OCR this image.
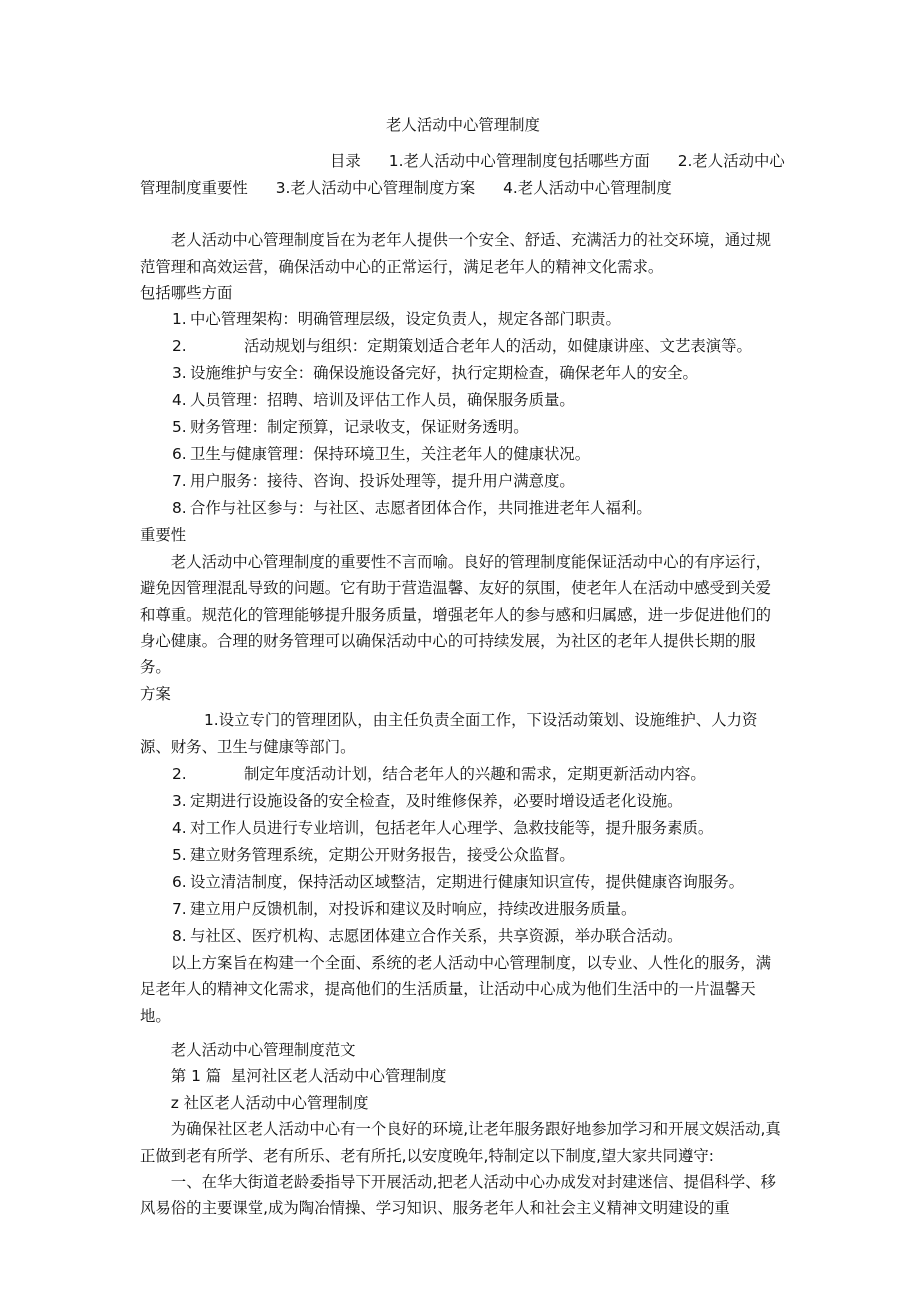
老人活动中心管理制度
目录 1.老人活动中心管理制度包括哪些方面 2.老人活动中心管理制度重要性 3.老人活动中心管理制度方案 4.老人活动中心管理制度

老人活动中心管理制度旨在为老年人提供一个安全、舒适、充满活力的社交环境，通过规范管理和高效运营，确保活动中心的正常运行，满足老年人的精神文化需求。

包括哪些方面

1. 中心管理架构：明确管理层级，设定负责人，规定各部门职责。
2.	活动规划与组织：定期策划适合老年人的活动，如健康讲座、文艺表演等。
3. 设施维护与安全：确保设施设备完好，执行定期检查，确保老年人的安全。
4. 人员管理：招聘、培训及评估工作人员，确保服务质量。
5. 财务管理：制定预算，记录收支，保证财务透明。
6. 卫生与健康管理：保持环境卫生，关注老年人的健康状况。
7. 用户服务：接待、咨询、投诉处理等，提升用户满意度。
8. 合作与社区参与：与社区、志愿者团体合作，共同推进老年人福利。

重要性

老人活动中心管理制度的重要性不言而喻。良好的管理制度能保证活动中心的有序运行，避免因管理混乱导致的问题。它有助于营造温馨、友好的氛围，使老年人在活动中感受到关爱和尊重。规范化的管理能够提升服务质量，增强老年人的参与感和归属感，进一步促进他们的身心健康。合理的财务管理可以确保活动中心的可持续发展，为社区的老年人提供长期的服务。

方案

1.设立专门的管理团队，由主任负责全面工作，下设活动策划、设施维护、人力资源、财务、卫生与健康等部门。
2.	制定年度活动计划，结合老年人的兴趣和需求，定期更新活动内容。
3. 定期进行设施设备的安全检查，及时维修保养，必要时增设适老化设施。
4. 对工作人员进行专业培训，包括老年人心理学、急救技能等，提升服务素质。
5. 建立财务管理系统，定期公开财务报告，接受公众监督。
6. 设立清洁制度，保持活动区域整洁，定期进行健康知识宣传，提供健康咨询服务。
7. 建立用户反馈机制，对投诉和建议及时响应，持续改进服务质量。
8. 与社区、医疗机构、志愿团体建立合作关系，共享资源，举办联合活动。

以上方案旨在构建一个全面、系统的老人活动中心管理制度，以专业、人性化的服务，满足老年人的精神文化需求，提高他们的生活质量，让活动中心成为他们生活中的一片温馨天地。

老人活动中心管理制度范文

第 1 篇  星河社区老人活动中心管理制度

z 社区老人活动中心管理制度

为确保社区老人活动中心有一个良好的环境,让老年服务跟好地参加学习和开展文娱活动,真正做到老有所学、老有所乐、老有所托,以安度晚年,特制定以下制度,望大家共同遵守:

一、在华大街道老龄委指导下开展活动,把老人活动中心办成发对封建迷信、提倡科学、移风易俗的主要课堂,成为陶冶情操、学习知识、服务老年人和社会主义精神文明建设的重
